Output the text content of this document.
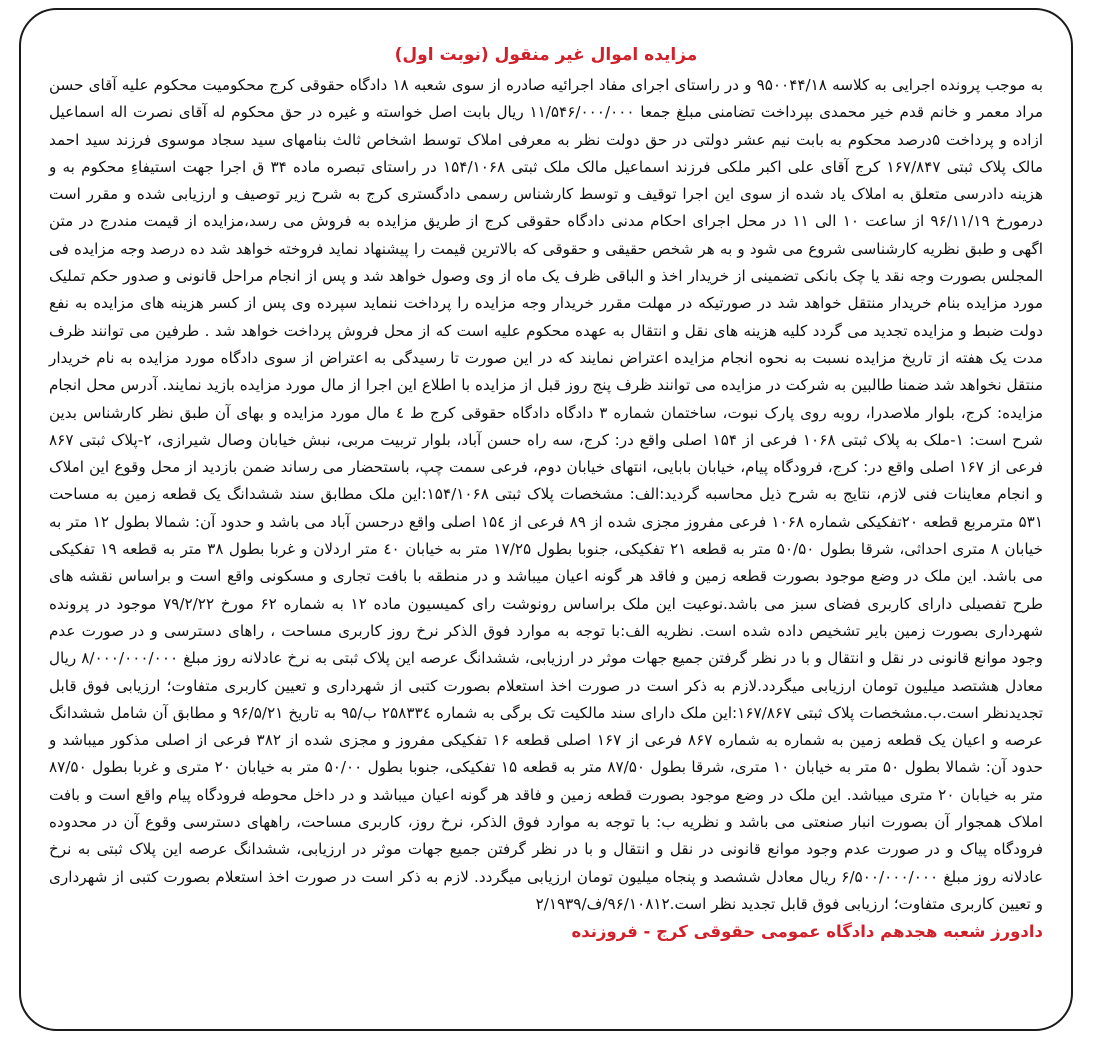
مزایده اموال غیر منقول (نوبت اول)

به موجب پرونده اجرایی به کلاسه ۹۵۰۰۴۴/۱۸ و در راستای اجرای مفاد اجرائیه صادره از سوی شعبه ۱۸ دادگاه حقوقی کرج محکومیت محکوم علیه آقای حسن مراد معمر و خانم قدم خیر محمدی بپرداخت تضامنی مبلغ جمعا ۱۱/۵۴۶/۰۰۰/۰۰۰ ریال بابت اصل خواسته و غیره در حق محکوم له آقای نصرت اله اسماعیل ازاده و پرداخت ۵درصد محکوم به بابت نیم عشر دولتی در حق دولت نظر به معرفی املاک توسط اشخاص ثالث بنامهای سید سجاد موسوی فرزند سید احمد مالک پلاک ثبتی ۱۶۷/۸۴۷ کرج آقای علی اکبر ملکی فرزند اسماعیل مالک ملک ثبتی ۱۵۴/۱۰۶۸ در راستای تبصره ماده ۳۴ ق اجرا جهت استیفاءِ محکوم به و هزینه دادرسی متعلق به املاک یاد شده از سوی این اجرا توقیف و توسط کارشناس رسمی دادگستری کرج به شرح زیر توصیف و ارزیابی شده و مقرر است درمورخ ۹۶/۱۱/۱۹ از ساعت ۱۰ الی ۱۱ در محل اجرای احکام مدنی دادگاه حقوقی کرج از طریق مزایده به فروش می رسد،مزایده از قیمت مندرج در متن اگهی و طبق نظریه کارشناسی شروع می شود و به هر شخص حقیقی و حقوقی که بالاترین قیمت را پیشنهاد نماید فروخته خواهد شد ده درصد وجه مزایده فی المجلس بصورت وجه نقد یا چک بانکی تضمینی از خریدار اخذ و الباقی ظرف یک ماه از وی وصول خواهد شد و پس از انجام مراحل قانونی و صدور حکم تملیک مورد مزایده بنام خریدار منتقل خواهد شد در صورتیکه در مهلت مقرر خریدار وجه مزایده را پرداخت ننماید سپرده وی پس از کسر هزینه های مزایده به نفع دولت ضبط و مزایده تجدید می گردد کلیه هزینه های نقل و انتقال به عهده محکوم علیه است که از محل فروش پرداخت خواهد شد . طرفین می توانند ظرف مدت یک هفته از تاریخ مزایده نسبت به نحوه انجام مزایده اعتراض نمایند که در این صورت تا رسیدگی به اعتراض از سوی دادگاه مورد مزایده به نام خریدار منتقل نخواهد شد ضمنا طالبین به شرکت در مزایده می توانند ظرف پنج روز قبل از مزایده با اطلاع این اجرا از مال مورد مزایده بازید نمایند. آدرس محل انجام مزایده: کرج، بلوار ملاصدرا، روبه روی پارک نبوت، ساختمان شماره ۳ دادگاه دادگاه حقوقی کرج ط ٤ مال مورد مزایده و بهای آن طبق نظر کارشناس بدین شرح است: ۱-ملک به پلاک ثبتی ۱۰۶۸ فرعی از ۱۵۴ اصلی واقع در: کرج، سه راه حسن آباد، بلوار تربیت مربی، نبش خیابان وصال شیرازی، ۲-پلاک ثبتی ۸۶۷ فرعی از ۱۶۷ اصلی واقع در: کرج، فرودگاه پیام، خیابان بابایی، انتهای خیابان دوم، فرعی سمت چپ، باستحضار می رساند ضمن بازدید از محل وقوع این املاک و انجام معاینات فنی لازم، نتایج به شرح ذیل محاسبه گردید:الف: مشخصات پلاک ثبتی ۱۵۴/۱۰۶۸:این ملک مطابق سند ششدانگ یک قطعه زمین به مساحت ۵۳۱ مترمربع قطعه ۲۰تفکیکی شماره ۱۰۶۸ فرعی مفروز مجزی شده از ۸۹ فرعی از ۱۵٤ اصلی واقع درحسن آباد می باشد و حدود آن: شمالا بطول ۱۲ متر به خیابان ۸ متری احداثی، شرقا بطول ۵۰/۵۰ متر به قطعه ۲۱ تفکیکی، جنوبا بطول ۱۷/۲۵ متر به خیابان ٤۰ متر اردلان و غربا بطول ۳۸ متر به قطعه ۱۹ تفکیکی می باشد. این ملک در وضع موجود بصورت قطعه زمین و فاقد هر گونه اعیان میباشد و در منطقه با بافت تجاری و مسکونی واقع است و براساس نقشه های طرح تفصیلی دارای کاربری فضای سبز می باشد.نوعیت این ملک براساس رونوشت رای کمیسیون ماده ۱۲ به شماره ۶۲ مورخ ۷۹/۲/۲۲ موجود در پرونده شهرداری بصورت زمین بایر تشخیص داده شده است. نظریه الف:با توجه به موارد فوق الذکر نرخ روز کاربری مساحت ، راهای دسترسی و در صورت عدم وجود موانع قانونی در نقل و انتقال و با در نظر گرفتن جمیع جهات موثر در ارزیابی، ششدانگ عرصه این پلاک ثبتی به نرخ عادلانه روز مبلغ ۸/۰۰۰/۰۰۰/۰۰۰ ریال معادل هشتصد میلیون تومان ارزیابی میگردد.لازم به ذکر است در صورت اخذ استعلام بصورت کتبی از شهرداری و تعیین کاربری متفاوت؛ ارزیابی فوق قابل تجدیدنظر است.ب.مشخصات پلاک ثبتی ۱۶۷/۸۶۷:این ملک دارای سند مالکیت تک برگی به شماره ۲۵۸۳۳٤ ب/۹۵ به تاریخ ۹۶/۵/۲۱ و مطابق آن شامل ششدانگ عرصه و اعیان یک قطعه زمین به شماره به شماره ۸۶۷ فرعی از ۱۶۷ اصلی قطعه ۱۶ تفکیکی مفروز و مجزی شده از ۳۸۲ فرعی از اصلی مذکور میباشد و حدود آن: شمالا بطول ۵۰ متر به خیابان ۱۰ متری، شرقا بطول ۸۷/۵۰ متر به قطعه ۱۵ تفکیکی، جنوبا بطول ۵۰/۰۰ متر به خیابان ۲۰ متری و غربا بطول ۸۷/۵۰ متر به خیابان ۲۰ متری میباشد. این ملک در وضع موجود بصورت قطعه زمین و فاقد هر گونه اعیان میباشد و در داخل محوطه فرودگاه پیام واقع است و بافت املاک همجوار آن بصورت انبار صنعتی می باشد و نظریه ب: با توجه به موارد فوق الذکر، نرخ روز، کاربری مساحت، راههای دسترسی وقوع آن در محدوده فرودگاه پیاک و در صورت عدم وجود موانع قانونی در نقل و انتقال و با در نظر گرفتن جمیع جهات موثر در ارزیابی، ششدانگ عرصه این پلاک ثبتی به نرخ عادلانه روز مبلغ ۶/۵۰۰/۰۰۰/۰۰۰ ریال معادل ششصد و پنجاه میلیون تومان ارزیابی میگردد. لازم به ذکر است در صورت اخذ استعلام بصورت کتبی از شهرداری و تعیین کاربری متفاوت؛ ارزیابی فوق قابل تجدید نظر است.۹۶/۱۰۸۱۲/ف/۲/۱۹۳۹

دادورز شعبه هجدهم دادگاه عمومی حقوقی کرج - فروزنده
